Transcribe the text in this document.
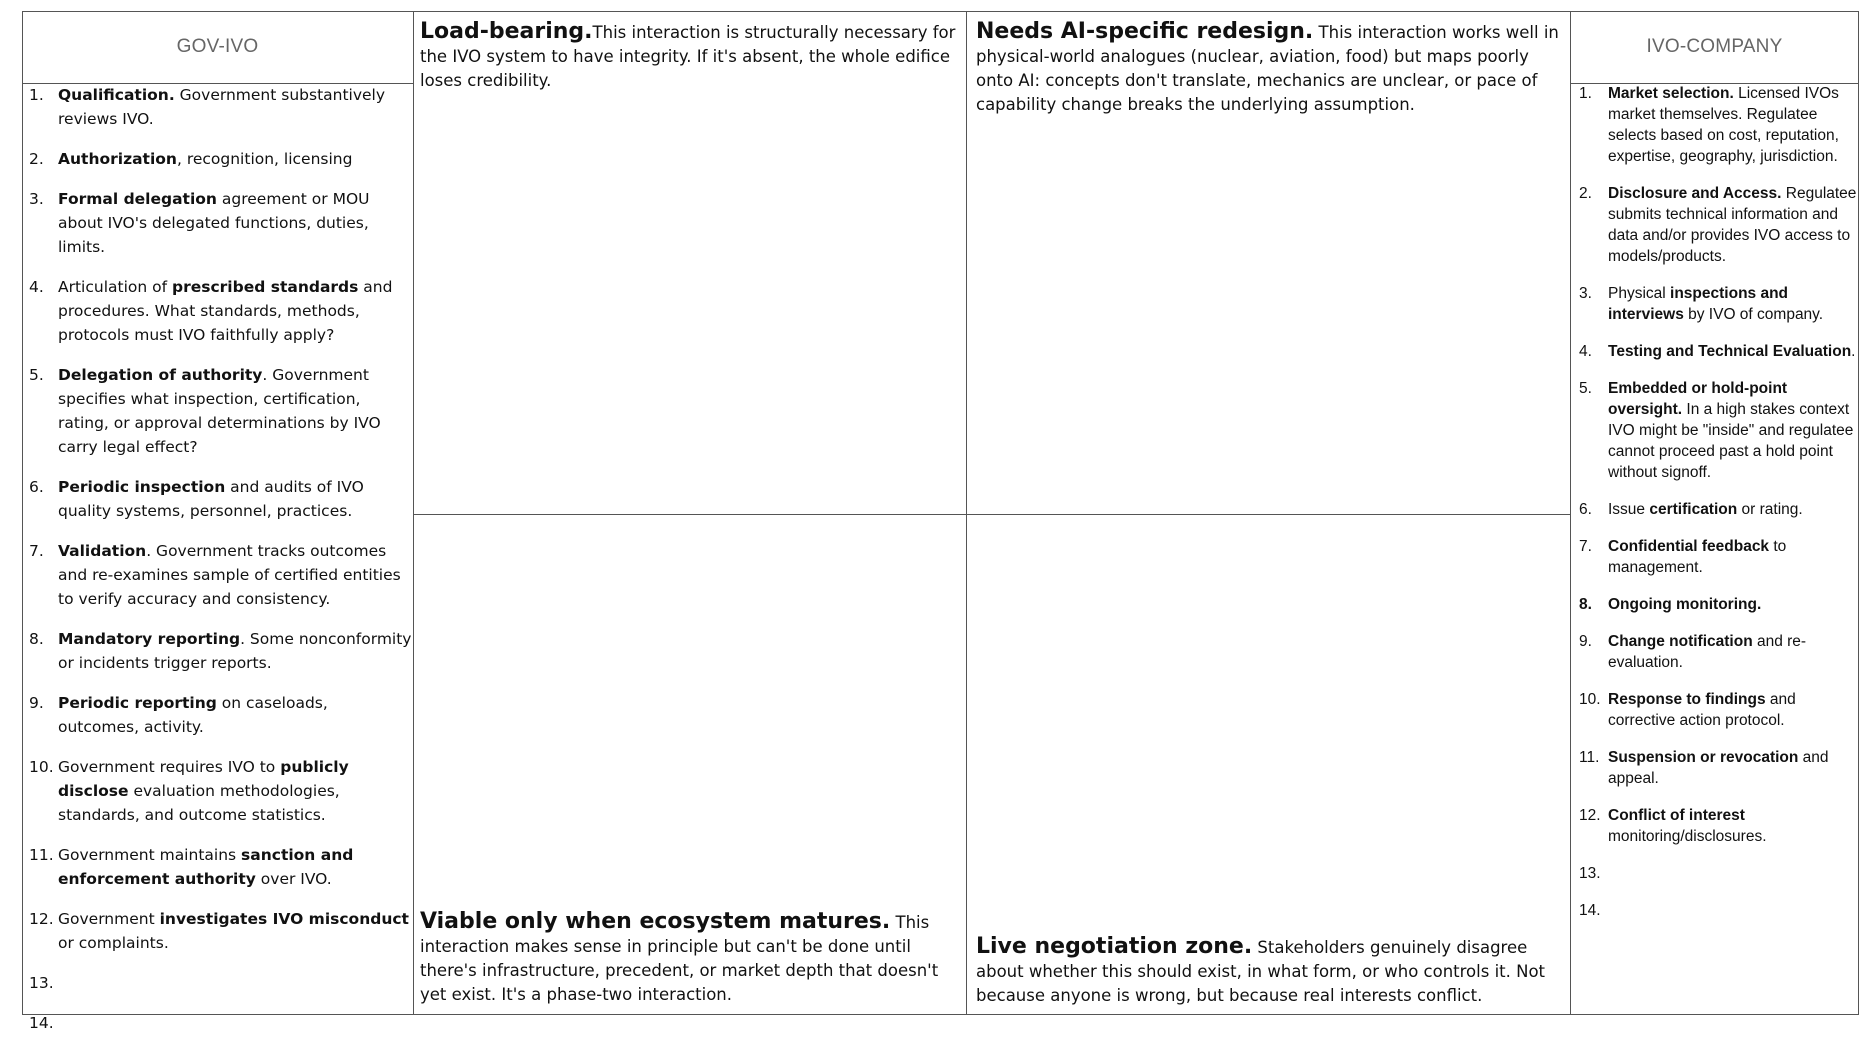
GOV-IVO
1. Qualification. Government substantively reviews IVO.
2. Authorization, recognition, licensing
3. Formal delegation agreement or MOU about IVO's delegated functions, duties, limits.
4. Articulation of prescribed standards and procedures. What standards, methods, protocols must IVO faithfully apply?
5. Delegation of authority. Government specifies what inspection, certification, rating, or approval determinations by IVO carry legal effect?
6. Periodic inspection and audits of IVO quality systems, personnel, practices.
7. Validation. Government tracks outcomes and re-examines sample of certified entities to verify accuracy and consistency.
8. Mandatory reporting. Some nonconformity or incidents trigger reports.
9. Periodic reporting on caseloads, outcomes, activity.
10. Government requires IVO to publicly disclose evaluation methodologies, standards, and outcome statistics.
11. Government maintains sanction and enforcement authority over IVO.
12. Government investigates IVO misconduct or complaints.
13.

14.

IVO-COMPANY
1. Market selection. Licensed IVOs market themselves. Regulatee selects based on cost, reputation, expertise, geography, jurisdiction.
2. Disclosure and Access. Regulatee submits technical information and data and/or provides IVO access to models/products.
3. Physical inspections and interviews by IVO of company.
4. Testing and Technical Evaluation.
5. Embedded or hold-point oversight. In a high stakes context IVO might be "inside" and regulatee cannot proceed past a hold point without signoff.
6. Issue certification or rating.
7. Confidential feedback to management.
8. Ongoing monitoring.
9. Change notification and re-evaluation.
10. Response to findings and corrective action protocol.
11. Suspension or revocation and appeal.
12. Conflict of interest monitoring/disclosures.
13.

14.

Load-bearing.This interaction is structurally necessary for the IVO system to have integrity. If it's absent, the whole edifice loses credibility.
Needs AI-specific redesign. This interaction works well in physical-world analogues (nuclear, aviation, food) but maps poorly onto AI: concepts don't translate, mechanics are unclear, or pace of capability change breaks the underlying assumption.
Viable only when ecosystem matures. This interaction makes sense in principle but can't be done until there's infrastructure, precedent, or market depth that doesn't yet exist. It's a phase-two interaction.
Live negotiation zone. Stakeholders genuinely disagree about whether this should exist, in what form, or who controls it. Not because anyone is wrong, but because real interests conflict.
